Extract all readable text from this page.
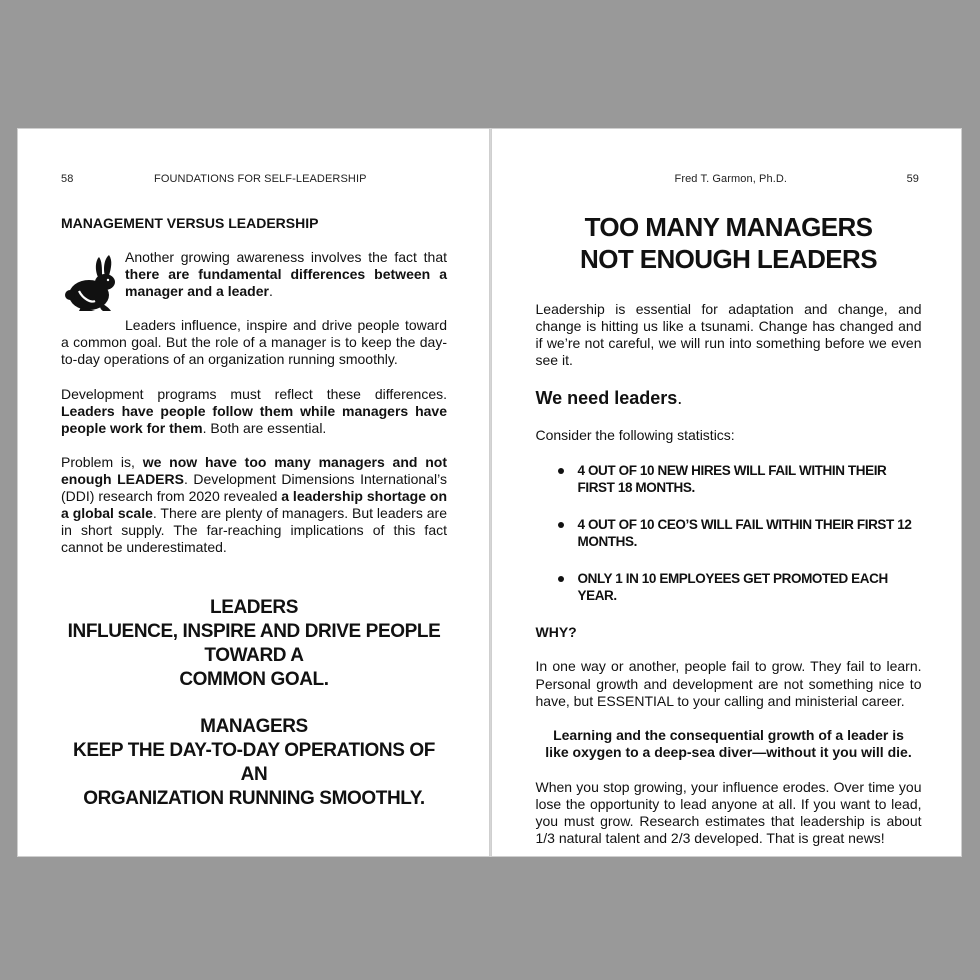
58	FOUNDATIONS FOR SELF-LEADERSHIP
MANAGEMENT VERSUS LEADERSHIP

Another growing awareness involves the fact that there are fundamental differences between a manager and a leader.

Leaders influence, inspire and drive people toward a common goal. But the role of a manager is to keep the day-to-day operations of an organization running smoothly.

Development programs must reflect these differences. Leaders have people follow them while managers have people work for them. Both are essential.

Problem is, we now have too many managers and not enough LEADERS. Development Dimensions International’s (DDI) research from 2020 revealed a leadership shortage on a global scale. There are plenty of managers. But leaders are in short supply. The far-reaching implications of this fact cannot be underestimated.

LEADERS
INFLUENCE, INSPIRE AND DRIVE PEOPLE TOWARD A
COMMON GOAL.
MANAGERS
KEEP THE DAY-TO-DAY OPERATIONS OF AN
ORGANIZATION RUNNING SMOOTHLY.
Fred T. Garmon, Ph.D.	59
TOO MANY MANAGERS
NOT ENOUGH LEADERS

Leadership is essential for adaptation and change, and change is hitting us like a tsunami. Change has changed and if we’re not careful, we will run into something before we even see it.

We need leaders.

Consider the following statistics:

4 OUT OF 10 NEW HIRES WILL FAIL WITHIN THEIR FIRST 18 MONTHS.
4 OUT OF 10 CEO’S WILL FAIL WITHIN THEIR FIRST 12 MONTHS.
ONLY 1 IN 10 EMPLOYEES GET PROMOTED EACH YEAR.
WHY?

In one way or another, people fail to grow. They fail to learn. Personal growth and development are not something nice to have, but ESSENTIAL to your calling and ministerial career.

Learning and the consequential growth of a leader is
like oxygen to a deep-sea diver—without it you will die.

When you stop growing, your influence erodes. Over time you lose the opportunity to lead anyone at all. If you want to lead, you must grow. Research estimates that leadership is about 1/3 natural talent and 2/3 developed. That is great news!
